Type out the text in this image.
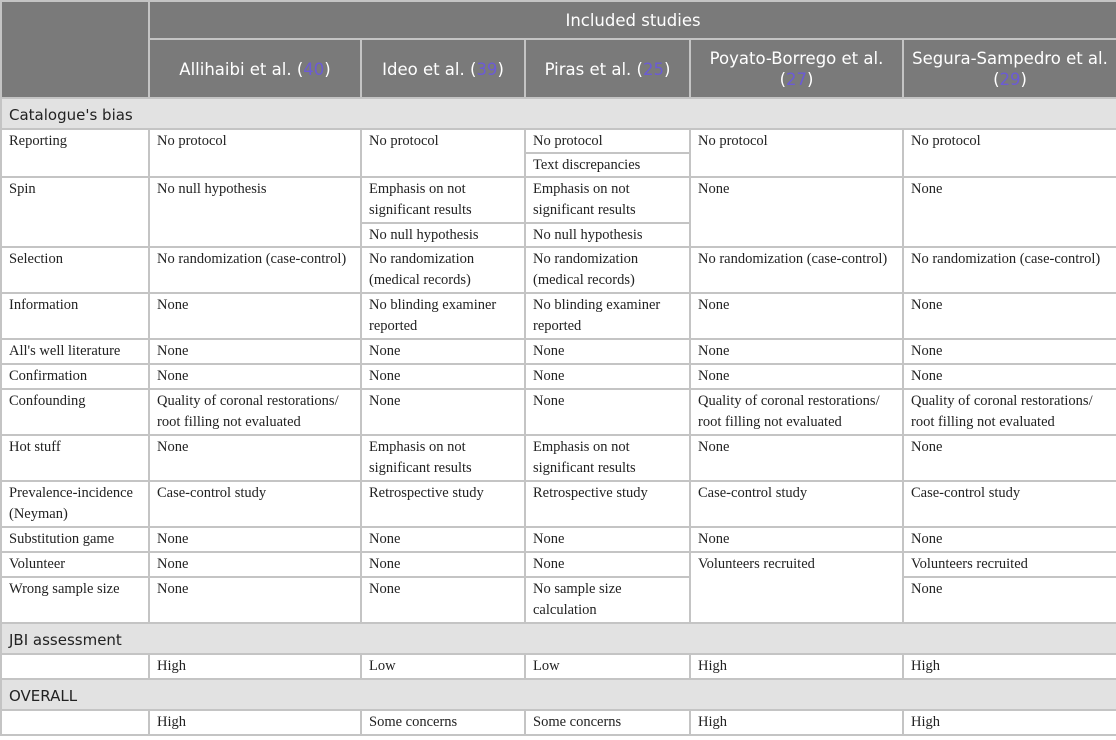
	Included studies				
	Allihaibi et al. (40)	Ideo et al. (39)	Piras et al. (25)	Poyato-Borrego et al. (27)	Segura-Sampedro et al. (29)
Catalogue's bias					
Reporting	No protocol	No protocol	No protocol	No protocol	No protocol
			Text discrepancies		
Spin	No null hypothesis	Emphasis on not significant results	Emphasis on not significant results	None	None
		No null hypothesis	No null hypothesis		
Selection	No randomization (case-control)	No randomization (medical records)	No randomization (medical records)	No randomization (case-control)	No randomization (case-control)
Information	None	No blinding examiner reported	No blinding examiner reported	None	None
All's well literature	None	None	None	None	None
Confirmation	None	None	None	None	None
Confounding	Quality of coronal restorations/ root filling not evaluated	None	None	Quality of coronal restorations/ root filling not evaluated	Quality of coronal restorations/ root filling not evaluated
Hot stuff	None	Emphasis on not significant results	Emphasis on not significant results	None	None
Prevalence-incidence (Neyman)	Case-control study	Retrospective study	Retrospective study	Case-control study	Case-control study
Substitution game	None	None	None	None	None
Volunteer	None	None	None	Volunteers recruited	Volunteers recruited
Wrong sample size	None	None	No sample size calculation		None
JBI assessment					
	High	Low	Low	High	High
OVERALL					
	High	Some concerns	Some concerns	High	High
